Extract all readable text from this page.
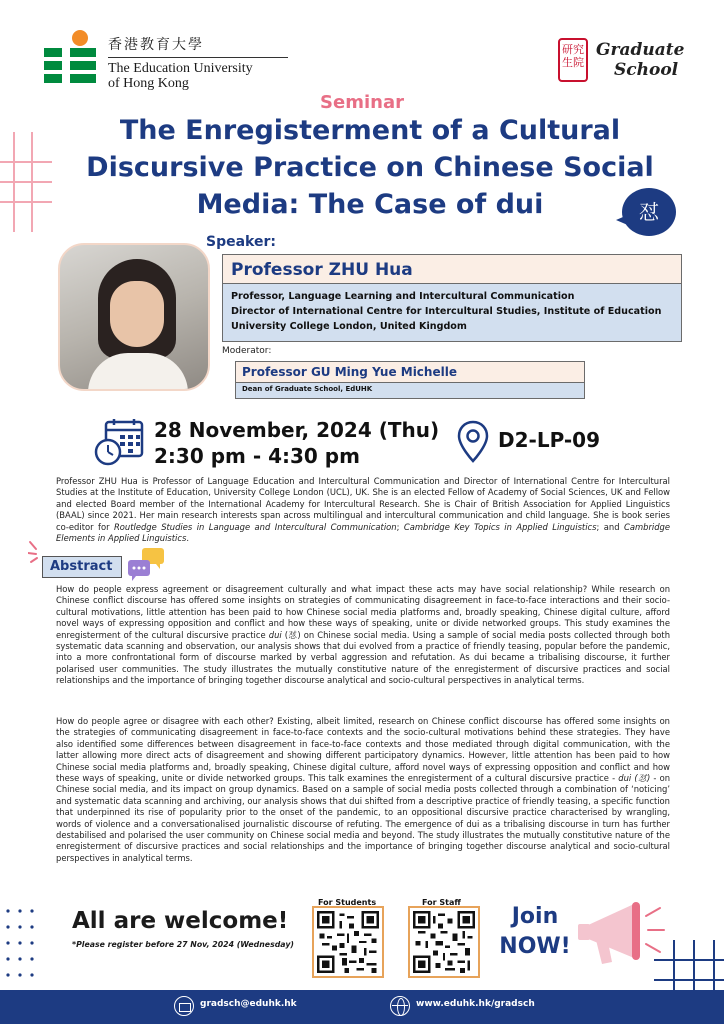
香港教育大學
The Education University
of Hong Kong
研究生院
Graduate
School
Seminar
The Enregisterment of a Cultural Discursive Practice on Chinese Social Media: The Case of dui	怼
Speaker:
Professor ZHU Hua
Professor, Language Learning and Intercultural Communication
Director of International Centre for Intercultural Studies, Institute of Education
University College London, United Kingdom
Moderator:
Professor GU Ming Yue Michelle
Dean of Graduate School, EdUHK
28 November, 2024 (Thu)
2:30 pm - 4:30 pm
D2-LP-09
Professor ZHU Hua is Professor of Language Education and Intercultural Communication and Director of International Centre for Intercultural Studies at the Institute of Education, University College London (UCL), UK. She is an elected Fellow of Academy of Social Sciences, UK and Fellow and elected Board member of the International Academy for Intercultural Research. She is Chair of British Association for Applied Linguistics (BAAL) since 2021. Her main research interests span across multilingual and intercultural communication and child language. She is book series co-editor for Routledge Studies in Language and Intercultural Communication; Cambridge Key Topics in Applied Linguistics; and Cambridge Elements in Applied Linguistics.
Abstract
How do people express agreement or disagreement culturally and what impact these acts may have social relationship? While research on Chinese conflict discourse has offered some insights on strategies of communicating disagreement in face-to-face interactions and their socio-cultural motivations, little attention has been paid to how Chinese social media platforms and, broadly speaking, Chinese digital culture, afford novel ways of expressing opposition and conflict and how these ways of speaking, unite or divide networked groups. This study examines the enregisterment of the cultural discursive practice dui (怼) on Chinese social media. Using a sample of social media posts collected through both systematic data scanning and observation, our analysis shows that dui evolved from a practice of friendly teasing, popular before the pandemic, into a more confrontational form of discourse marked by verbal aggression and refutation. As dui became a tribalising discourse, it further polarised user communities. The study illustrates the mutually constitutive nature of the enregisterment of discursive practices and social relationships and the importance of bringing together discourse analytical and socio-cultural perspectives in analytical terms.
How do people agree or disagree with each other? Existing, albeit limited, research on Chinese conflict discourse has offered some insights on the strategies of communicating disagreement in face-to-face contexts and the socio-cultural motivations behind these strategies. They have also identified some differences between disagreement in face-to-face contexts and those mediated through digital communication, with the latter allowing more direct acts of disagreement and showing different participatory dynamics. However, little attention has been paid to how Chinese social media platforms and, broadly speaking, Chinese digital culture, afford novel ways of expressing opposition and conflict and how these ways of speaking, unite or divide networked groups. This talk examines the enregisterment of a cultural discursive practice - dui (怼) - on Chinese social media, and its impact on group dynamics. Based on a sample of social media posts collected through a combination of ‘noticing’ and systematic data scanning and archiving, our analysis shows that dui shifted from a descriptive practice of friendly teasing, a specific function that underpinned its rise of popularity prior to the onset of the pandemic, to an oppositional discursive practice characterised by wrangling, words of violence and a conversationalised journalistic discourse of refuting. The emergence of dui as a tribalising discourse in turn has further destabilised and polarised the user community on Chinese social media and beyond. The study illustrates the mutually constitutive nature of the enregisterment of discursive practices and social relationships and the importance of bringing together discourse analytical and socio-cultural perspectives in analytical terms.
All are welcome!
*Please register before 27 Nov, 2024 (Wednesday)
For Students	For Staff
Join
NOW!
gradsch@eduhk.hk	www.eduhk.hk/gradsch
